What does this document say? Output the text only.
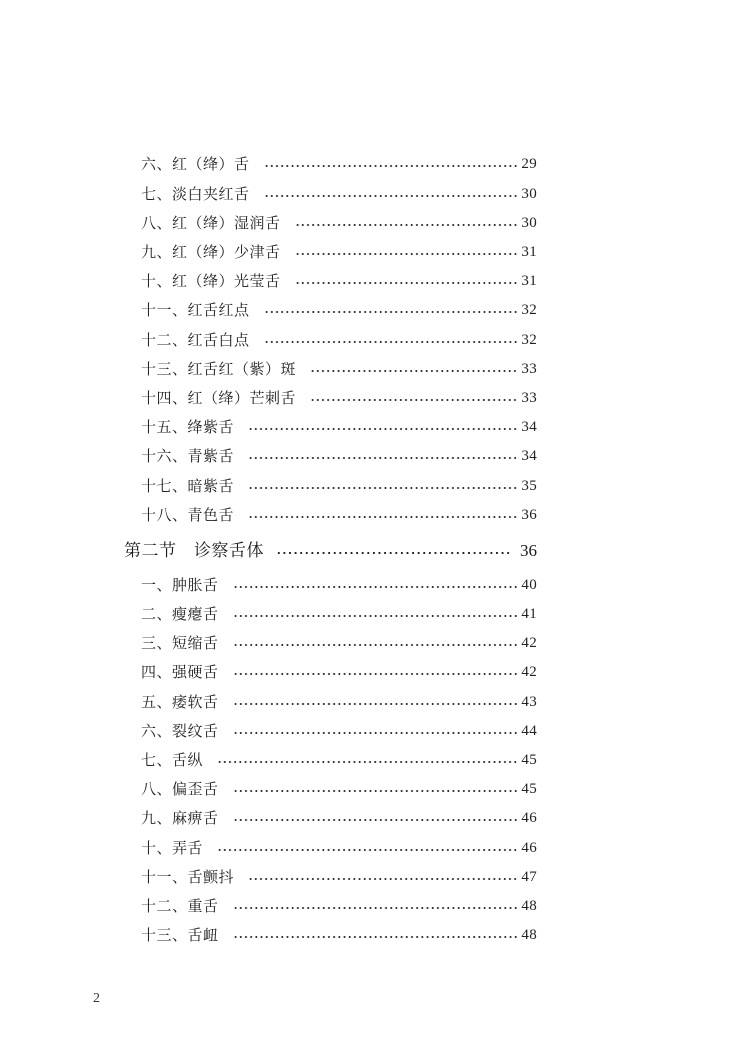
六、红（绛）舌	29
七、淡白夹红舌	30
八、红（绛）湿润舌	30
九、红（绛）少津舌	31
十、红（绛）光莹舌	31
十一、红舌红点	32
十二、红舌白点	32
十三、红舌红（紫）斑	33
十四、红（绛）芒刺舌	33
十五、绛紫舌	34
十六、青紫舌	34
十七、暗紫舌	35
十八、青色舌	36
第二节　诊察舌体	36
一、肿胀舌	40
二、瘦瘪舌	41
三、短缩舌	42
四、强硬舌	42
五、痿软舌	43
六、裂纹舌	44
七、舌纵	45
八、偏歪舌	45
九、麻痹舌	46
十、弄舌	46
十一、舌颤抖	47
十二、重舌	48
十三、舌衄	48
2
